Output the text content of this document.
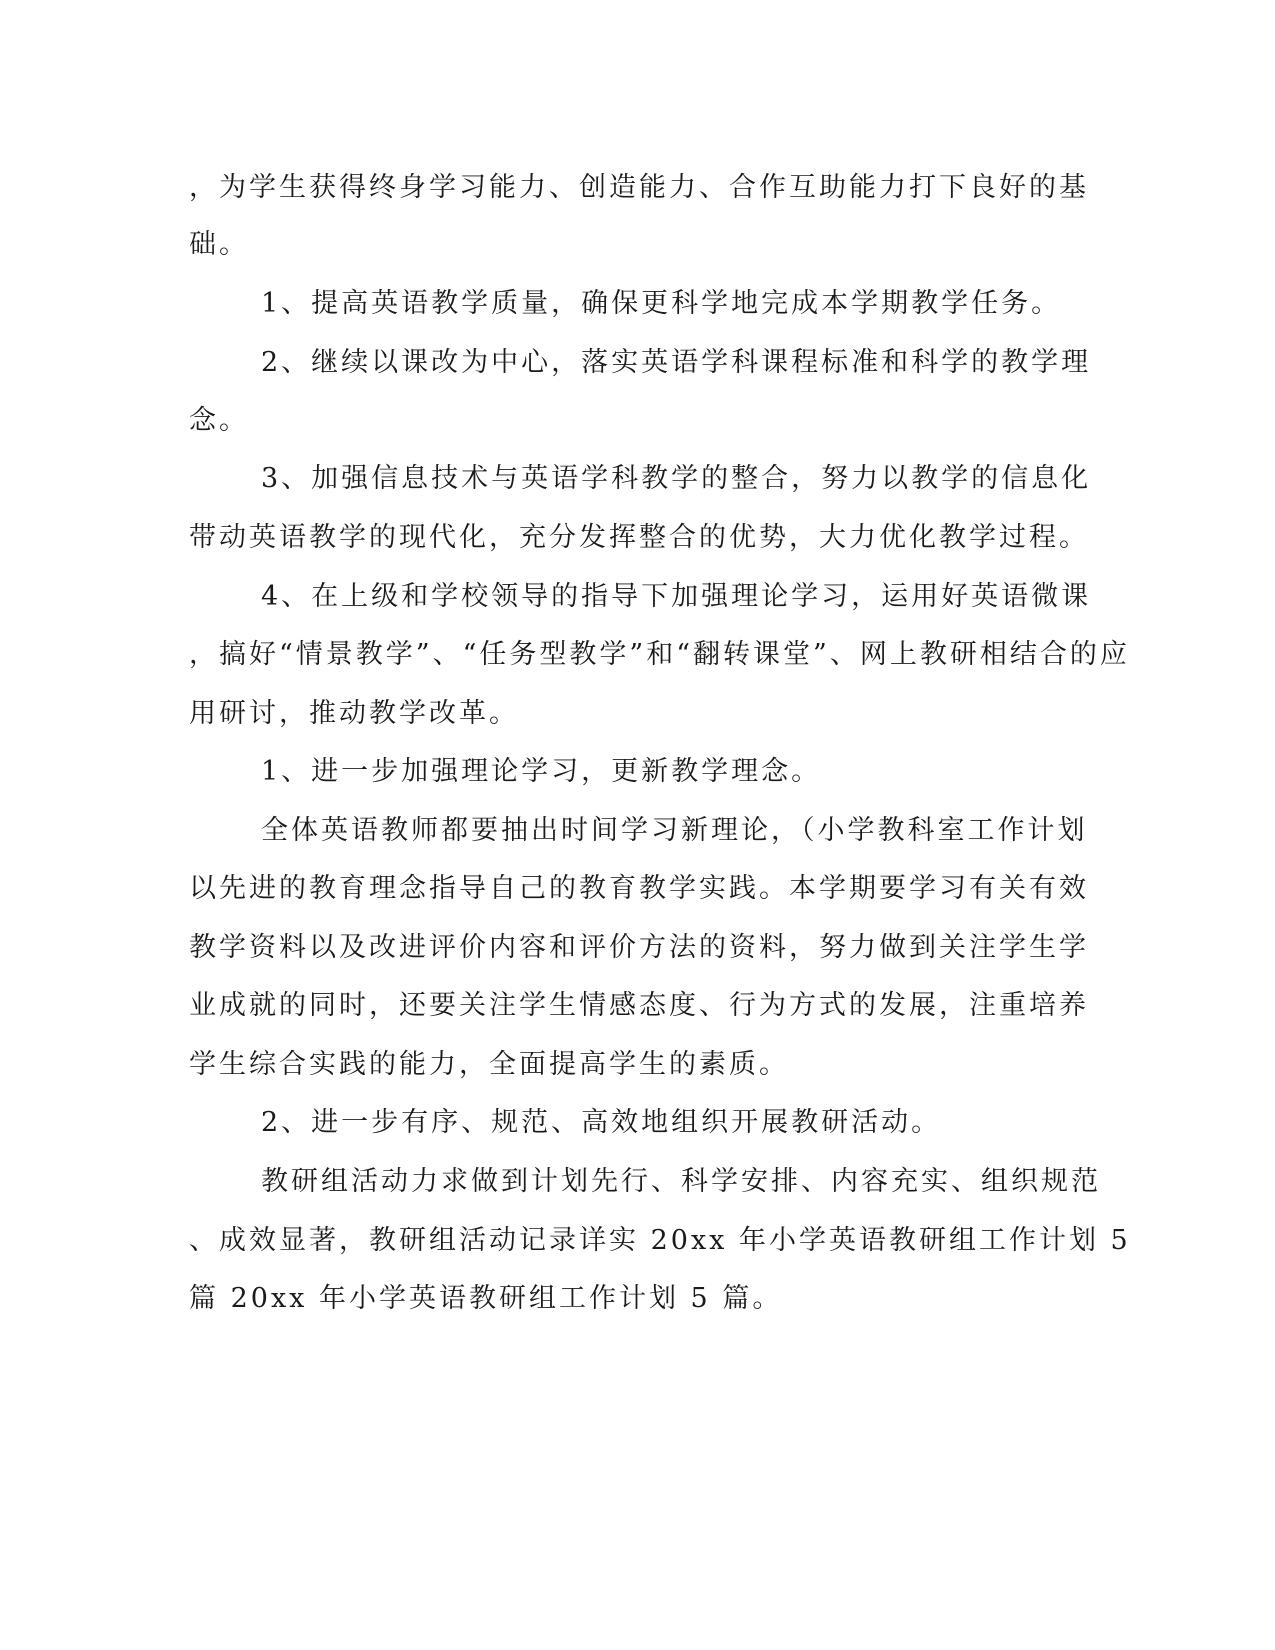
，为学生获得终身学习能力、创造能力、合作互助能力打下良好的基
础。
1、提高英语教学质量，确保更科学地完成本学期教学任务。
2、继续以课改为中心，落实英语学科课程标准和科学的教学理
念。
3、加强信息技术与英语学科教学的整合，努力以教学的信息化
带动英语教学的现代化，充分发挥整合的优势，大力优化教学过程。
4、在上级和学校领导的指导下加强理论学习，运用好英语微课
，搞好“情景教学”、“任务型教学”和“翻转课堂”、网上教研相结合的应
用研讨，推动教学改革。
1、进一步加强理论学习，更新教学理念。
全体英语教师都要抽出时间学习新理论，（小学教科室工作计划
以先进的教育理念指导自己的教育教学实践。本学期要学习有关有效
教学资料以及改进评价内容和评价方法的资料，努力做到关注学生学
业成就的同时，还要关注学生情感态度、行为方式的发展，注重培养
学生综合实践的能力，全面提高学生的素质。
2、进一步有序、规范、高效地组织开展教研活动。
教研组活动力求做到计划先行、科学安排、内容充实、组织规范
、成效显著，教研组活动记录详实 20xx 年小学英语教研组工作计划 5
篇 20xx 年小学英语教研组工作计划 5 篇。
